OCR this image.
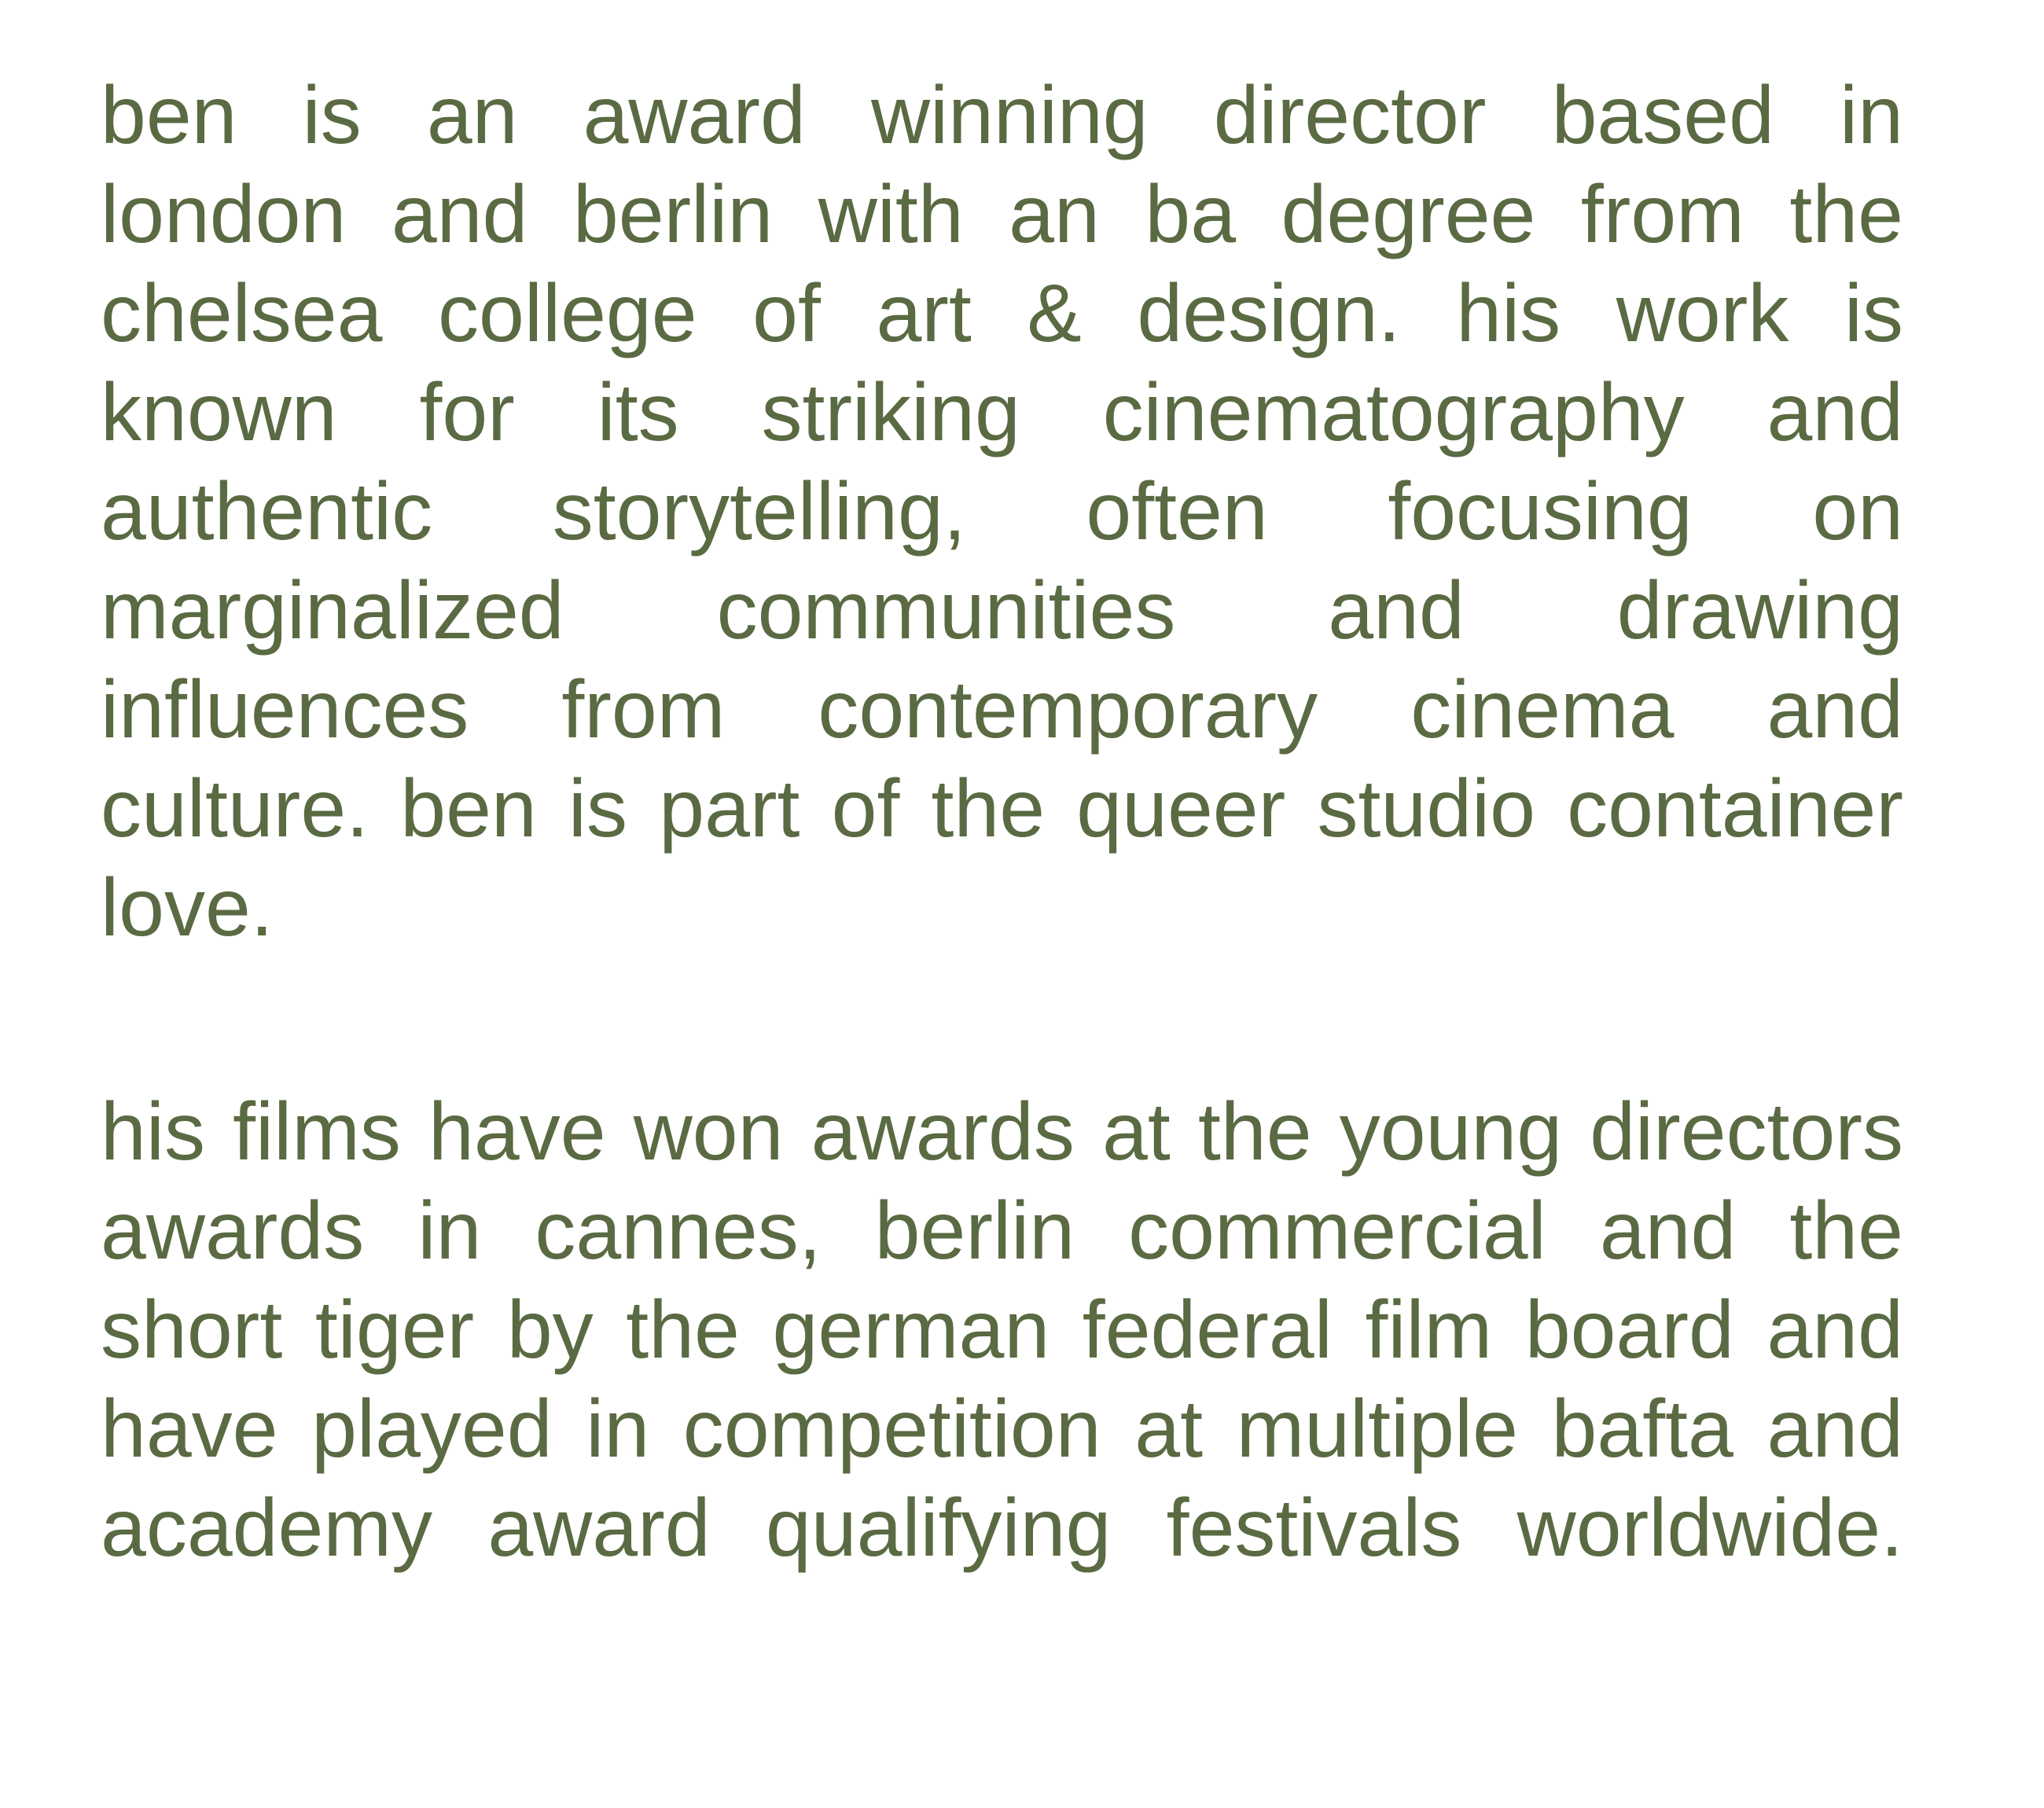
ben is an award winning director based in
london and berlin with an ba degree from the
chelsea college of art & design. his work is
known for its striking cinematography and
authentic storytelling, often focusing on
marginalized communities and drawing
influences from contemporary cinema and
culture. ben is part of the queer studio container
love.

his films have won awards at the young directors
awards in cannes, berlin commercial and the
short tiger by the german federal film board and
have played in competition at multiple bafta and
academy award qualifying festivals worldwide.
